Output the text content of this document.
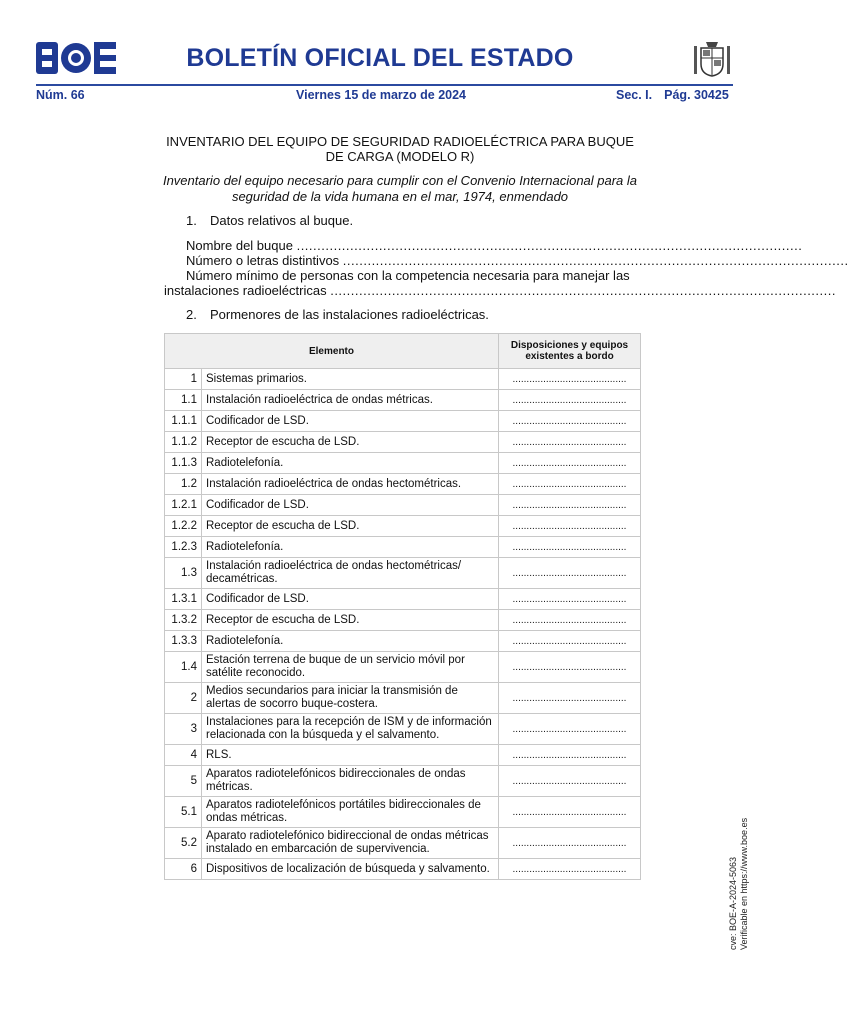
BOLETÍN OFICIAL DEL ESTADO
Núm. 66	Viernes 15 de marzo de 2024	Sec. I. Pág. 30425
INVENTARIO DEL EQUIPO DE SEGURIDAD RADIOELÉCTRICA PARA BUQUE DE CARGA (MODELO R)
Inventario del equipo necesario para cumplir con el Convenio Internacional para la seguridad de la vida humana en el mar, 1974, enmendado
1. Datos relativos al buque.
Nombre del buque ...........................................................................................................................
Número o letras distintivos ...........................................................................................................................
Número mínimo de personas con la competencia necesaria para manejar las
instalaciones radioeléctricas ...........................................................................................................................
2. Pormenores de las instalaciones radioeléctricas.
Elemento		Disposiciones y equipos existentes a bordo
1	Sistemas primarios.	.........................................
1.1	Instalación radioeléctrica de ondas métricas.	.........................................
1.1.1	Codificador de LSD.	.........................................
1.1.2	Receptor de escucha de LSD.	.........................................
1.1.3	Radiotelefonía.	.........................................
1.2	Instalación radioeléctrica de ondas hectométricas.	.........................................
1.2.1	Codificador de LSD.	.........................................
1.2.2	Receptor de escucha de LSD.	.........................................
1.2.3	Radiotelefonía.	.........................................
1.3	Instalación radioeléctrica de ondas hectométricas/ decamétricas.	.........................................
1.3.1	Codificador de LSD.	.........................................
1.3.2	Receptor de escucha de LSD.	.........................................
1.3.3	Radiotelefonía.	.........................................
1.4	Estación terrena de buque de un servicio móvil por satélite reconocido.	.........................................
2	Medios secundarios para iniciar la transmisión de alertas de socorro buque-costera.	.........................................
3	Instalaciones para la recepción de ISM y de información relacionada con la búsqueda y el salvamento.	.........................................
4	RLS.	.........................................
5	Aparatos radiotelefónicos bidireccionales de ondas métricas.	.........................................
5.1	Aparatos radiotelefónicos portátiles bidireccionales de ondas métricas.	.........................................
5.2	Aparato radiotelefónico bidireccional de ondas métricas instalado en embarcación de supervivencia.	.........................................
6	Dispositivos de localización de búsqueda y salvamento.	.........................................	cve: BOE-A-2024-5063 Verificable en https://www.boe.es
